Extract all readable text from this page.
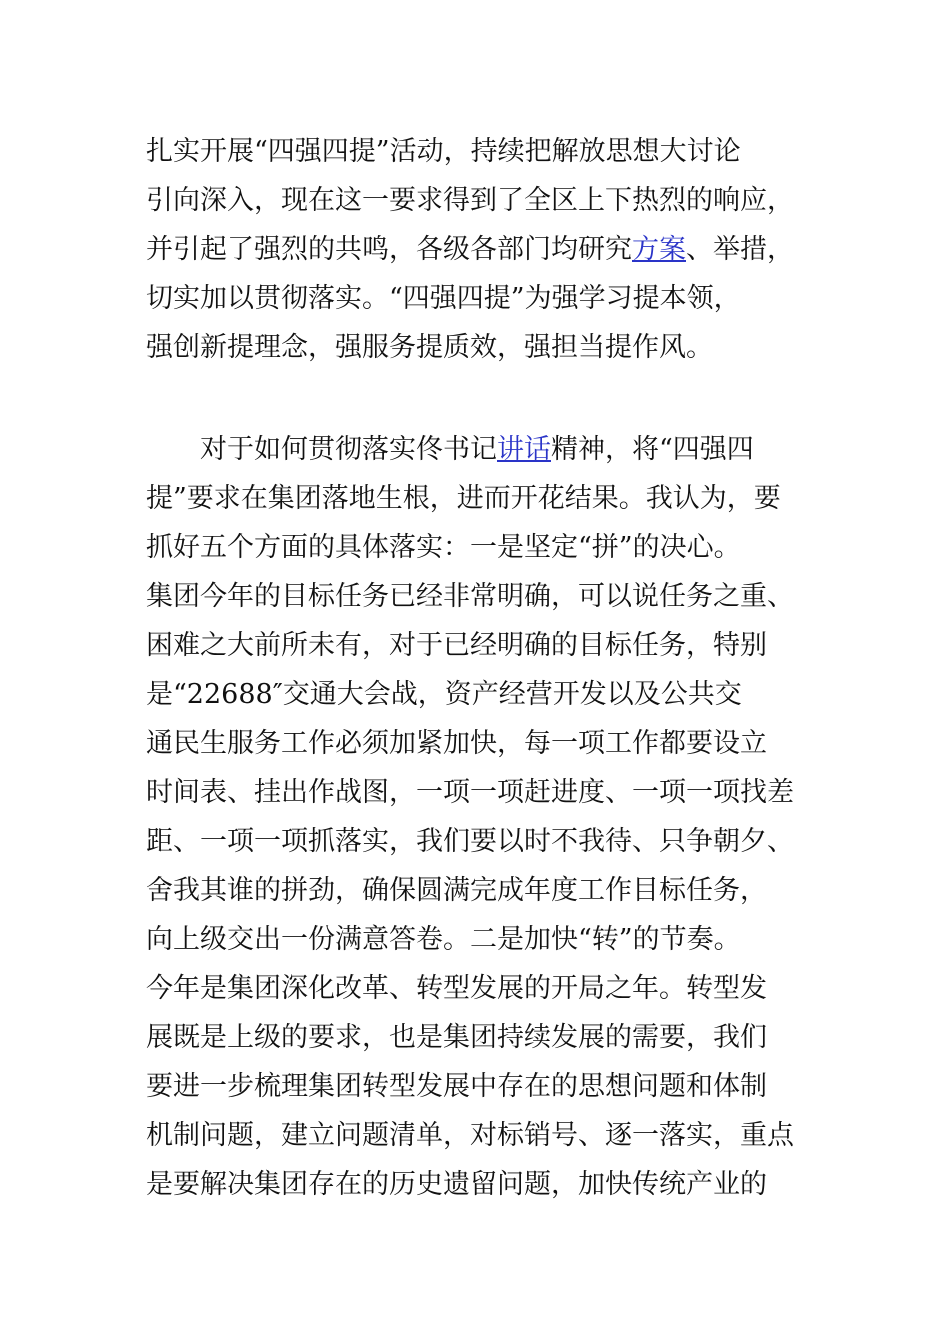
扎实开展“四强四提”活动，持续把解放思想大讨论
引向深入，现在这一要求得到了全区上下热烈的响应，
并引起了强烈的共鸣，各级各部门均研究方案、举措，
切实加以贯彻落实。“四强四提”为强学习提本领，
强创新提理念，强服务提质效，强担当提作风。
　　对于如何贯彻落实佟书记讲话精神，将“四强四
提”要求在集团落地生根，进而开花结果。我认为，要
抓好五个方面的具体落实：一是坚定“拼”的决心。
集团今年的目标任务已经非常明确，可以说任务之重、
困难之大前所未有，对于已经明确的目标任务，特别
是“22688″交通大会战，资产经营开发以及公共交
通民生服务工作必须加紧加快，每一项工作都要设立
时间表、挂出作战图，一项一项赶进度、一项一项找差
距、一项一项抓落实，我们要以时不我待、只争朝夕、
舍我其谁的拼劲，确保圆满完成年度工作目标任务，
向上级交出一份满意答卷。二是加快“转”的节奏。
今年是集团深化改革、转型发展的开局之年。转型发
展既是上级的要求，也是集团持续发展的需要，我们
要进一步梳理集团转型发展中存在的思想问题和体制
机制问题，建立问题清单，对标销号、逐一落实，重点
是要解决集团存在的历史遗留问题，加快传统产业的
